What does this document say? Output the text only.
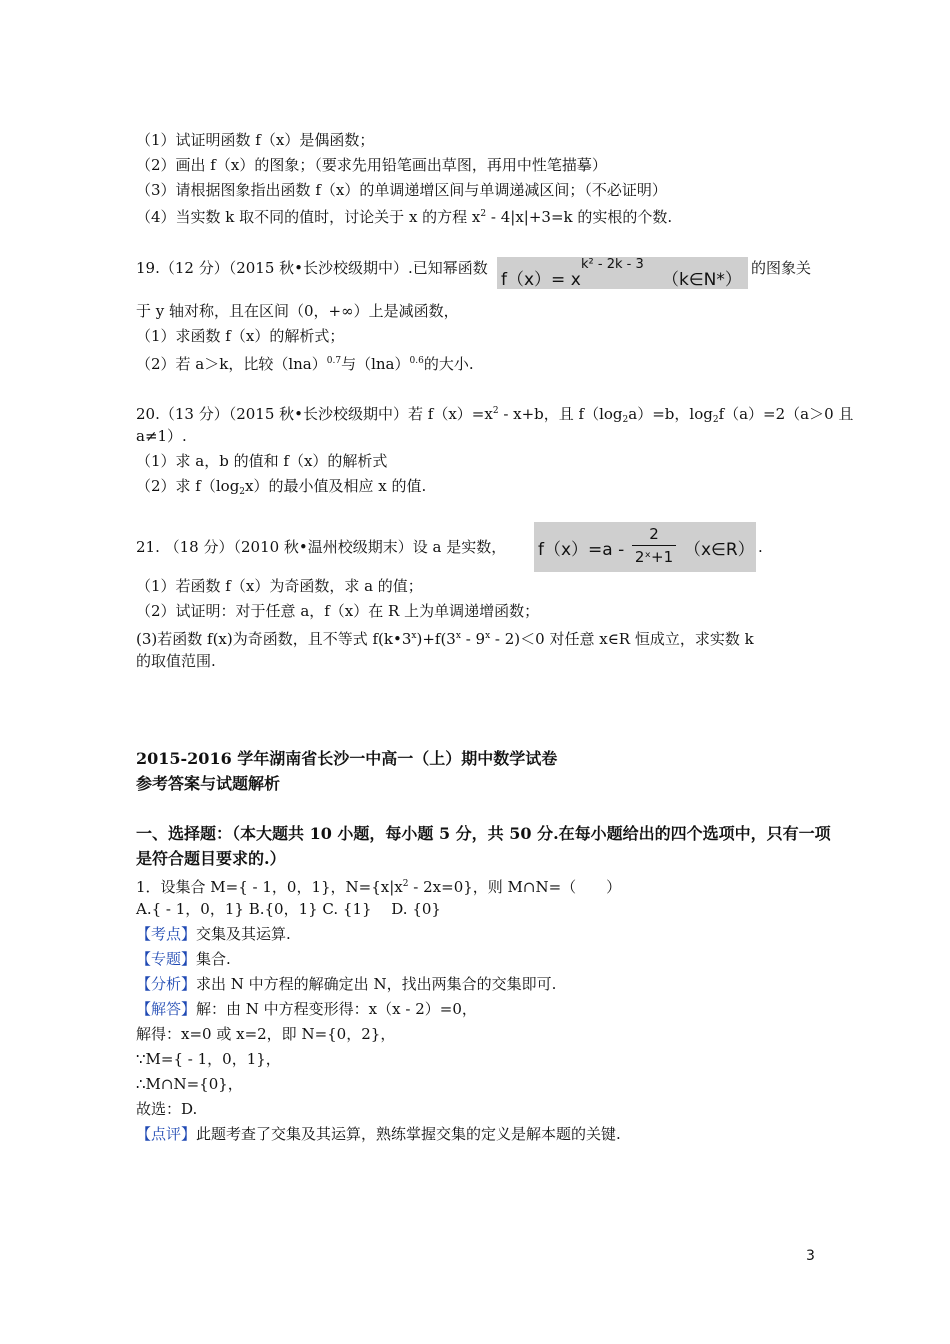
（1）试证明函数 f（x）是偶函数；
（2）画出 f（x）的图象；（要求先用铅笔画出草图，再用中性笔描摹）
（3）请根据图象指出函数 f（x）的单调递增区间与单调递减区间；（不必证明）
（4）当实数 k 取不同的值时，讨论关于 x 的方程 $x^2 - 4|x|+3=k$ 的实根的个数.
19.（12 分）（2015 秋•长沙校级期中）.已知幂函数
f（x）= x
k² - 2k - 3
（k∈N*）
的图象关
于 y 轴对称，且在区间（0，+∞）上是减函数，
（1）求函数 f（x）的解析式；
（2）若 a＞k，比较$(\ln a)^{0.7}$与$(\ln a)^{0.6}$的大小.
20.（13 分）（2015 秋•长沙校级期中）若 $f(x)=x^2 - x+b$，且 $f(\log_2a)=b$，$\log_2f(a)=2(a>0$ 且
a≠1）.
（1）求 a，b 的值和 f（x）的解析式
（2）求 $f(\log_2x)$的最小值及相应 x 的值.
21. （18 分）（2010 秋•温州校级期末）设 a 是实数， f（x）=a -
2
2ˣ+1 （x∈R） .
（1）若函数 f（x）为奇函数，求 a 的值；
（2）试证明：对于任意 a，f（x）在 R 上为单调递增函数；
(3)若函数 f(x)为奇函数，且不等式 $f(k•3^x)+f(3^x - 9^x - 2)<0$ 对任意 x∈R 恒成立，求实数 k
的取值范围.
2015-2016 学年湖南省长沙一中高一（上）期中数学试卷
参考答案与试题解析
一、选择题：（本大题共 10 小题，每小题 5 分，共 50 分.在每小题给出的四个选项中，只有一项
是符合题目要求的.）
1．设集合 M={ - 1，0，1}，$N=\{x|x^2 - 2x=0\}$，则 M∩N=（　　）
A.{ - 1，0，1} B.{0，1} C. {1}　 D. {0}
【考点】交集及其运算.
【专题】集合.
【分析】求出 N 中方程的解确定出 N，找出两集合的交集即可.
【解答】解：由 N 中方程变形得：x（x - 2）=0，
解得：x=0 或 x=2，即 N={0，2}，
∵M={ - 1，0，1}，
∴M∩N={0}，
故选：D.
【点评】此题考查了交集及其运算，熟练掌握交集的定义是解本题的关键.
3
